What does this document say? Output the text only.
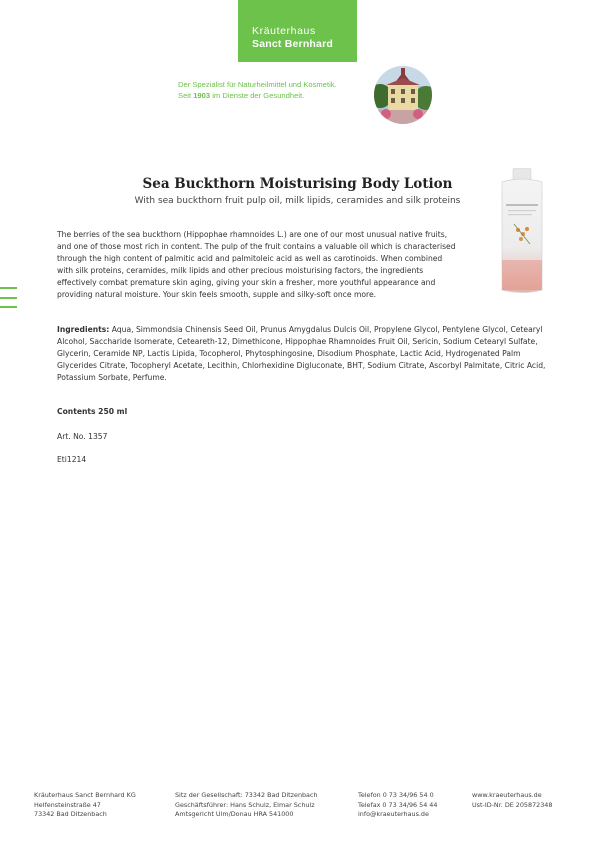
Kräuterhaus
Sanct Bernhard
Der Spezialist für Naturheilmittel und Kosmetik.
Seit 1903 im Dienste der Gesundheit.
Sea Buckthorn Moisturising Body Lotion
With sea buckthorn fruit pulp oil, milk lipids, ceramides and silk proteins
The berries of the sea buckthorn (Hippophae rhamnoides L.) are one of our most unusual native fruits, and one of those most rich in content. The pulp of the fruit contains a valuable oil which is characterised through the high content of palmitic acid and palmitoleic acid as well as carotinoids. When combined with silk proteins, ceramides, milk lipids and other precious moisturising factors, the ingredients effectively combat premature skin aging, giving your skin a fresher, more youthful appearance and providing natural moisture. Your skin feels smooth, supple and silky-soft once more.
Ingredients: Aqua, Simmondsia Chinensis Seed Oil, Prunus Amygdalus Dulcis Oil, Propylene Glycol, Pentylene Glycol, Cetearyl Alcohol, Saccharide Isomerate, Ceteareth-12, Dimethicone, Hippophae Rhamnoides Fruit Oil, Sericin, Sodium Cetearyl Sulfate, Glycerin, Ceramide NP, Lactis Lipida, Tocopherol, Phytosphingosine, Disodium Phosphate, Lactic Acid, Hydrogenated Palm Glycerides Citrate, Tocopheryl Acetate, Lecithin, Chlorhexidine Digluconate, BHT, Sodium Citrate, Ascorbyl Palmitate, Citric Acid, Potassium Sorbate, Perfume.
Contents 250 ml
Art. No. 1357
Eti1214
Kräuterhaus Sanct Bernhard KG
Helfensteinstraße 47
73342 Bad Ditzenbach
Sitz der Gesellschaft: 73342 Bad Ditzenbach
Geschäftsführer: Hans Schulz, Elmar Schulz
Amtsgericht Ulm/Donau HRA 541000
Telefon 0 73 34/96 54 0
Telefax 0 73 34/96 54 44
info@kraeuterhaus.de
www.kraeuterhaus.de
Ust-ID-Nr. DE 205872348
